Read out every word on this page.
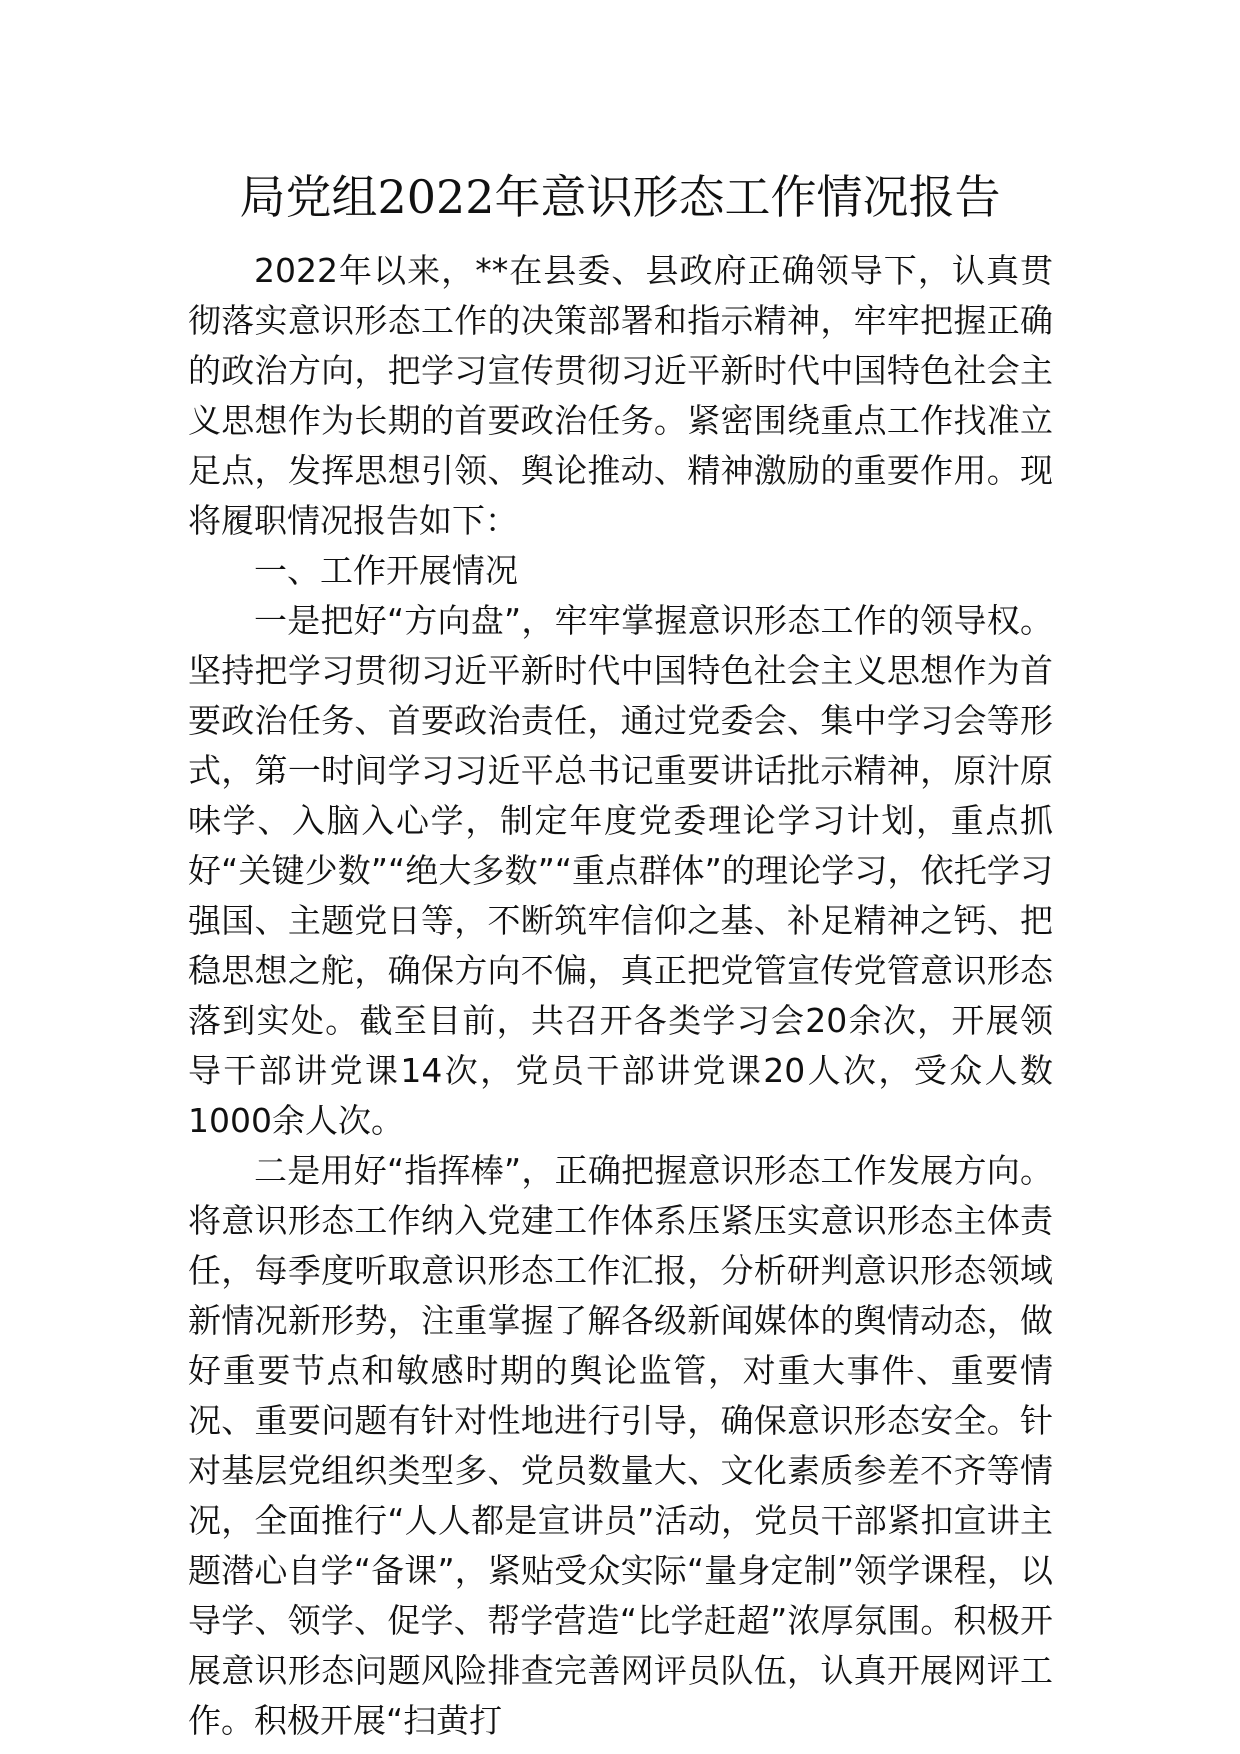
局党组2022年意识形态工作情况报告

2022年以来，**在县委、县政府正确领导下，认真贯彻落实意识形态工作的决策部署和指示精神，牢牢把握正确的政治方向，把学习宣传贯彻习近平新时代中国特色社会主义思想作为长期的首要政治任务。紧密围绕重点工作找准立足点，发挥思想引领、舆论推动、精神激励的重要作用。现将履职情况报告如下：

一、工作开展情况

一是把好“方向盘”，牢牢掌握意识形态工作的领导权。坚持把学习贯彻习近平新时代中国特色社会主义思想作为首要政治任务、首要政治责任，通过党委会、集中学习会等形式，第一时间学习习近平总书记重要讲话批示精神，原汁原味学、入脑入心学，制定年度党委理论学习计划，重点抓好“关键少数”“绝大多数”“重点群体”的理论学习，依托学习强国、主题党日等，不断筑牢信仰之基、补足精神之钙、把稳思想之舵，确保方向不偏，真正把党管宣传党管意识形态落到实处。截至目前，共召开各类学习会20余次，开展领导干部讲党课14次，党员干部讲党课20人次，受众人数1000余人次。

二是用好“指挥棒”，正确把握意识形态工作发展方向。将意识形态工作纳入党建工作体系压紧压实意识形态主体责任，每季度听取意识形态工作汇报，分析研判意识形态领域新情况新形势，注重掌握了解各级新闻媒体的舆情动态，做好重要节点和敏感时期的舆论监管，对重大事件、重要情况、重要问题有针对性地进行引导，确保意识形态安全。针对基层党组织类型多、党员数量大、文化素质参差不齐等情况，全面推行“人人都是宣讲员”活动，党员干部紧扣宣讲主题潜心自学“备课”，紧贴受众实际“量身定制”领学课程，以导学、领学、促学、帮学营造“比学赶超”浓厚氛围。积极开展意识形态问题风险排查完善网评员队伍，认真开展网评工作。积极开展“扫黄打
